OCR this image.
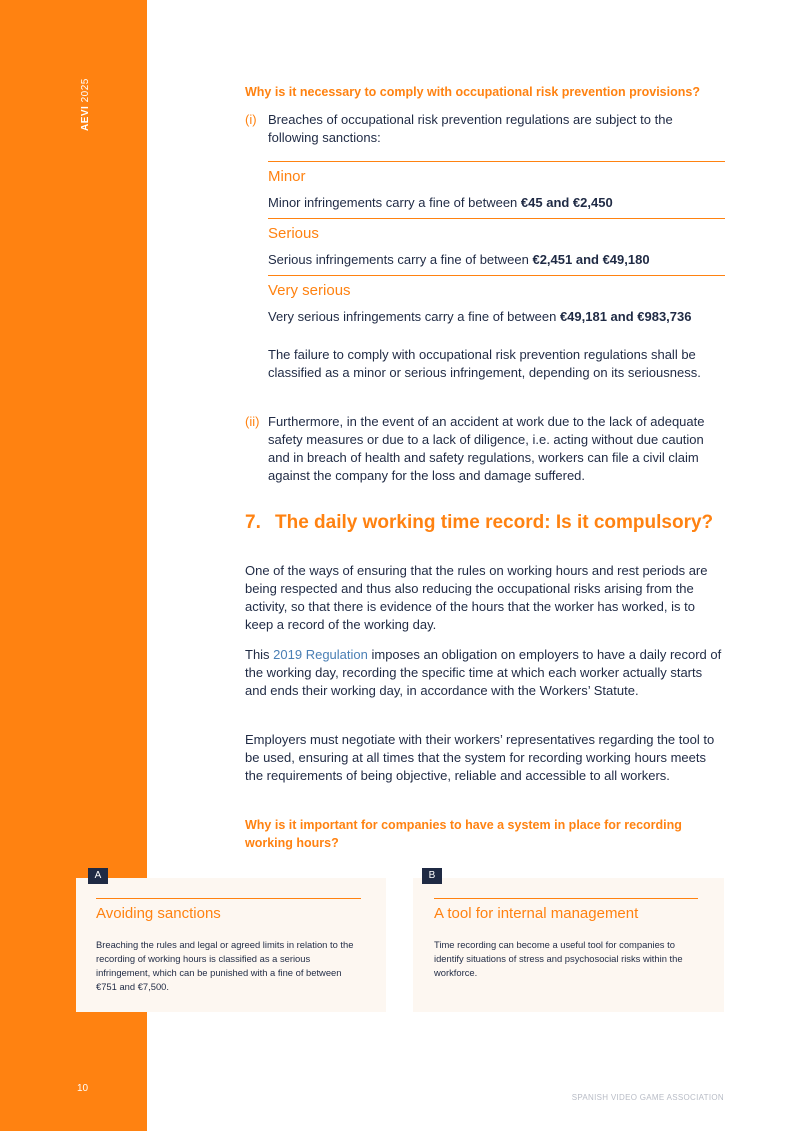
AEVI 2025
10
SPANISH VIDEO GAME ASSOCIATION
Why is it necessary to comply with occupational risk prevention provisions?
(i) Breaches of occupational risk prevention regulations are subject to the following sanctions:
Minor
Minor infringements carry a fine of between €45 and €2,450
Serious
Serious infringements carry a fine of between €2,451 and €49,180
Very serious
Very serious infringements carry a fine of between €49,181 and €983,736
The failure to comply with occupational risk prevention regulations shall be classified as a minor or serious infringement, depending on its seriousness.
(ii) Furthermore, in the event of an accident at work due to the lack of adequate safety measures or due to a lack of diligence, i.e. acting without due caution and in breach of health and safety regulations, workers can file a civil claim against the company for the loss and damage suffered.
7. The daily working time record: Is it compulsory?
One of the ways of ensuring that the rules on working hours and rest periods are being respected and thus also reducing the occupational risks arising from the activity, so that there is evidence of the hours that the worker has worked, is to keep a record of the working day.
This 2019 Regulation imposes an obligation on employers to have a daily record of the working day, recording the specific time at which each worker actually starts and ends their working day, in accordance with the Workers’ Statute.
Employers must negotiate with their workers’ representatives regarding the tool to be used, ensuring at all times that the system for recording working hours meets the requirements of being objective, reliable and accessible to all workers.
Why is it important for companies to have a system in place for recording working hours?
Avoiding sanctions
Breaching the rules and legal or agreed limits in relation to the recording of working hours is classified as a serious infringement, which can be punished with a fine of between €751 and €7,500.
A
A tool for internal management
Time recording can become a useful tool for companies to identify situations of stress and psychosocial risks within the workforce.
B
